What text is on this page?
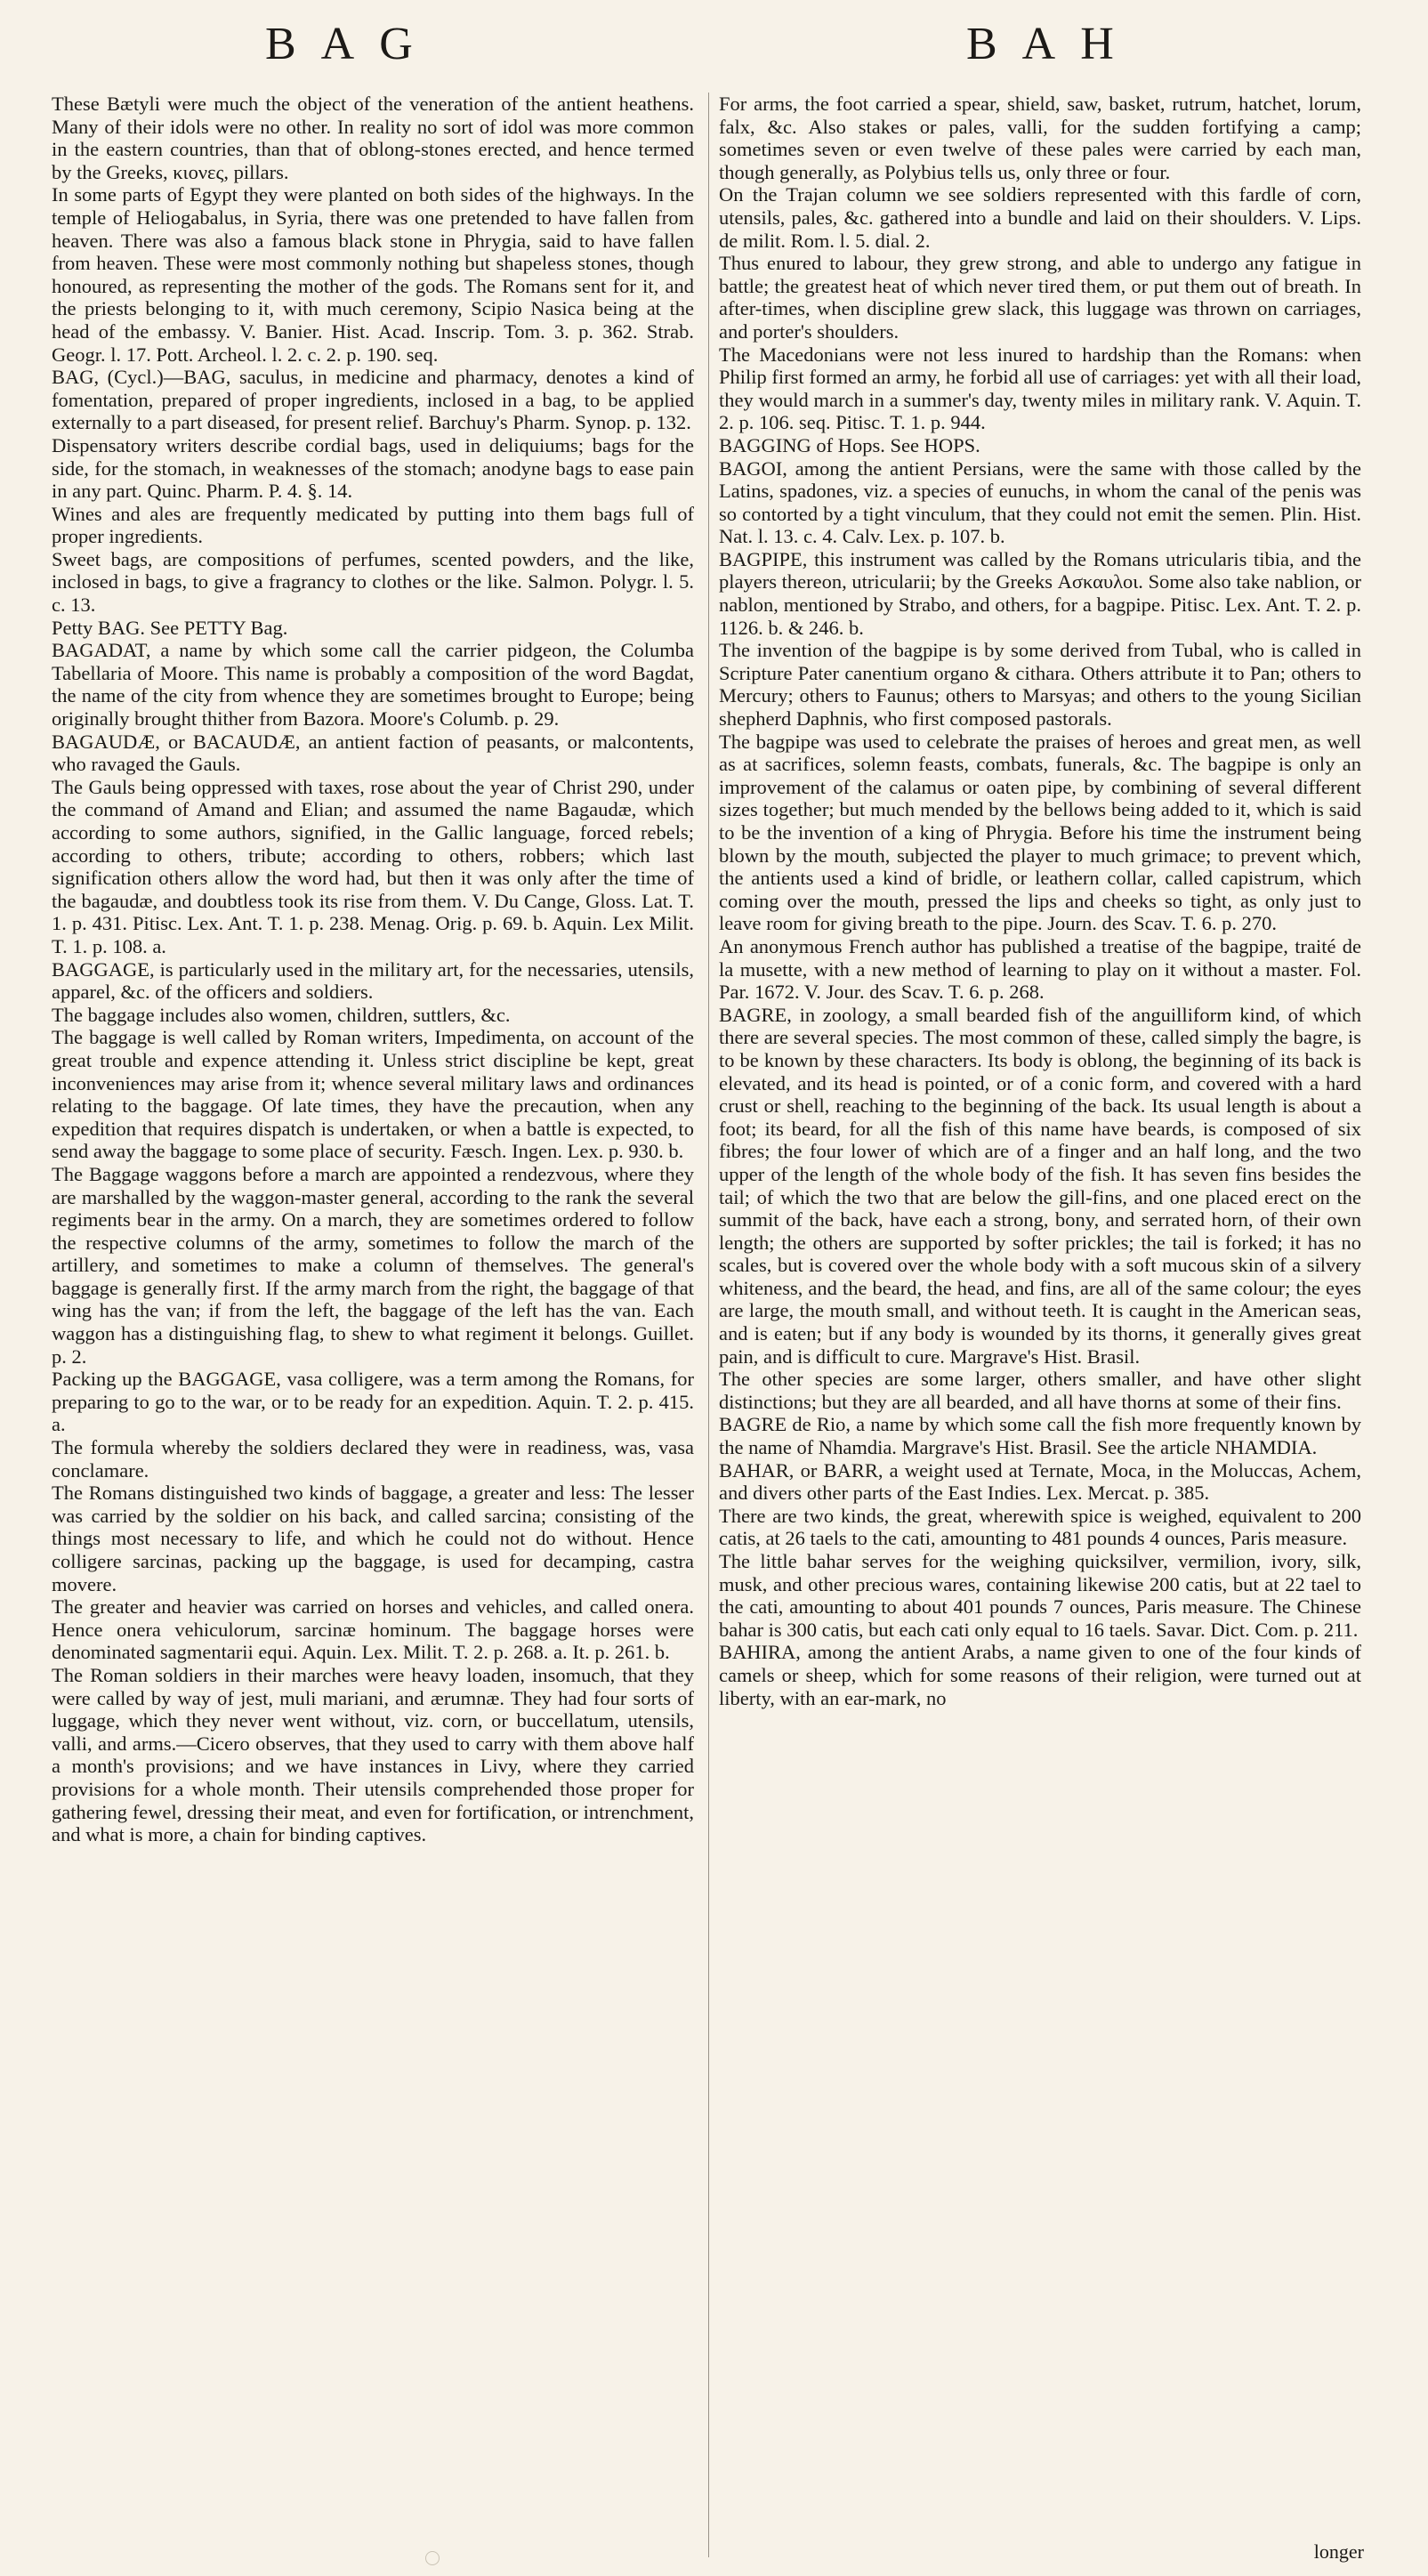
BAG	BAH

These Bætyli were much the object of the veneration of the antient heathens. Many of their idols were no other. In reality no sort of idol was more common in the eastern countries, than that of oblong-stones erected, and hence termed by the Greeks, κιονες, pillars.

In some parts of Egypt they were planted on both sides of the highways. In the temple of Heliogabalus, in Syria, there was one pretended to have fallen from heaven. There was also a famous black stone in Phrygia, said to have fallen from heaven. These were most commonly nothing but shapeless stones, though honoured, as representing the mother of the gods. The Romans sent for it, and the priests belonging to it, with much ceremony, Scipio Nasica being at the head of the embassy. V. Banier. Hist. Acad. Inscrip. Tom. 3. p. 362. Strab. Geogr. l. 17. Pott. Archeol. l. 2. c. 2. p. 190. seq.

BAG, (Cycl.)—BAG, saculus, in medicine and pharmacy, denotes a kind of fomentation, prepared of proper ingredients, inclosed in a bag, to be applied externally to a part diseased, for present relief. Barchuy's Pharm. Synop. p. 132.

Dispensatory writers describe cordial bags, used in deliquiums; bags for the side, for the stomach, in weaknesses of the stomach; anodyne bags to ease pain in any part. Quinc. Pharm. P. 4. §. 14.

Wines and ales are frequently medicated by putting into them bags full of proper ingredients.

Sweet bags, are compositions of perfumes, scented powders, and the like, inclosed in bags, to give a fragrancy to clothes or the like. Salmon. Polygr. l. 5. c. 13.

Petty BAG. See PETTY Bag.

BAGADAT, a name by which some call the carrier pidgeon, the Columba Tabellaria of Moore. This name is probably a composition of the word Bagdat, the name of the city from whence they are sometimes brought to Europe; being originally brought thither from Bazora. Moore's Columb. p. 29.

BAGAUDÆ, or BACAUDÆ, an antient faction of peasants, or malcontents, who ravaged the Gauls.

The Gauls being oppressed with taxes, rose about the year of Christ 290, under the command of Amand and Elian; and assumed the name Bagaudæ, which according to some authors, signified, in the Gallic language, forced rebels; according to others, tribute; according to others, robbers; which last signification others allow the word had, but then it was only after the time of the bagaudæ, and doubtless took its rise from them. V. Du Cange, Gloss. Lat. T. 1. p. 431. Pitisc. Lex. Ant. T. 1. p. 238. Menag. Orig. p. 69. b. Aquin. Lex Milit. T. 1. p. 108. a.

BAGGAGE, is particularly used in the military art, for the necessaries, utensils, apparel, &c. of the officers and soldiers.

The baggage includes also women, children, suttlers, &c.

The baggage is well called by Roman writers, Impedimenta, on account of the great trouble and expence attending it. Unless strict discipline be kept, great inconveniences may arise from it; whence several military laws and ordinances relating to the baggage. Of late times, they have the precaution, when any expedition that requires dispatch is undertaken, or when a battle is expected, to send away the baggage to some place of security. Fæsch. Ingen. Lex. p. 930. b.

The Baggage waggons before a march are appointed a rendezvous, where they are marshalled by the waggon-master general, according to the rank the several regiments bear in the army. On a march, they are sometimes ordered to follow the respective columns of the army, sometimes to follow the march of the artillery, and sometimes to make a column of themselves. The general's baggage is generally first. If the army march from the right, the baggage of that wing has the van; if from the left, the baggage of the left has the van. Each waggon has a distinguishing flag, to shew to what regiment it belongs. Guillet. p. 2.

Packing up the BAGGAGE, vasa colligere, was a term among the Romans, for preparing to go to the war, or to be ready for an expedition. Aquin. T. 2. p. 415. a.

The formula whereby the soldiers declared they were in readiness, was, vasa conclamare.

The Romans distinguished two kinds of baggage, a greater and less: The lesser was carried by the soldier on his back, and called sarcina; consisting of the things most necessary to life, and which he could not do without. Hence colligere sarcinas, packing up the baggage, is used for decamping, castra movere.

The greater and heavier was carried on horses and vehicles, and called onera. Hence onera vehiculorum, sarcinæ hominum. The baggage horses were denominated sagmentarii equi. Aquin. Lex. Milit. T. 2. p. 268. a. It. p. 261. b.

The Roman soldiers in their marches were heavy loaden, insomuch, that they were called by way of jest, muli mariani, and ærumnæ. They had four sorts of luggage, which they never went without, viz. corn, or buccellatum, utensils, valli, and arms.—Cicero observes, that they used to carry with them above half a month's provisions; and we have instances in Livy, where they carried provisions for a whole month. Their utensils comprehended those proper for gathering fewel, dressing their meat, and even for fortification, or intrenchment, and what is more, a chain for binding captives.

For arms, the foot carried a spear, shield, saw, basket, rutrum, hatchet, lorum, falx, &c. Also stakes or pales, valli, for the sudden fortifying a camp; sometimes seven or even twelve of these pales were carried by each man, though generally, as Polybius tells us, only three or four.

On the Trajan column we see soldiers represented with this fardle of corn, utensils, pales, &c. gathered into a bundle and laid on their shoulders. V. Lips. de milit. Rom. l. 5. dial. 2.

Thus enured to labour, they grew strong, and able to undergo any fatigue in battle; the greatest heat of which never tired them, or put them out of breath. In after-times, when discipline grew slack, this luggage was thrown on carriages, and porter's shoulders.

The Macedonians were not less inured to hardship than the Romans: when Philip first formed an army, he forbid all use of carriages: yet with all their load, they would march in a summer's day, twenty miles in military rank. V. Aquin. T. 2. p. 106. seq. Pitisc. T. 1. p. 944.

BAGGING of Hops. See HOPS.

BAGOI, among the antient Persians, were the same with those called by the Latins, spadones, viz. a species of eunuchs, in whom the canal of the penis was so contorted by a tight vinculum, that they could not emit the semen. Plin. Hist. Nat. l. 13. c. 4. Calv. Lex. p. 107. b.

BAGPIPE, this instrument was called by the Romans utricularis tibia, and the players thereon, utricularii; by the Greeks Ασκαυλοι. Some also take nablion, or nablon, mentioned by Strabo, and others, for a bagpipe. Pitisc. Lex. Ant. T. 2. p. 1126. b. & 246. b.

The invention of the bagpipe is by some derived from Tubal, who is called in Scripture Pater canentium organo & cithara. Others attribute it to Pan; others to Mercury; others to Faunus; others to Marsyas; and others to the young Sicilian shepherd Daphnis, who first composed pastorals.

The bagpipe was used to celebrate the praises of heroes and great men, as well as at sacrifices, solemn feasts, combats, funerals, &c. The bagpipe is only an improvement of the calamus or oaten pipe, by combining of several different sizes together; but much mended by the bellows being added to it, which is said to be the invention of a king of Phrygia. Before his time the instrument being blown by the mouth, subjected the player to much grimace; to prevent which, the antients used a kind of bridle, or leathern collar, called capistrum, which coming over the mouth, pressed the lips and cheeks so tight, as only just to leave room for giving breath to the pipe. Journ. des Scav. T. 6. p. 270.

An anonymous French author has published a treatise of the bagpipe, traité de la musette, with a new method of learning to play on it without a master. Fol. Par. 1672. V. Jour. des Scav. T. 6. p. 268.

BAGRE, in zoology, a small bearded fish of the anguilliform kind, of which there are several species. The most common of these, called simply the bagre, is to be known by these characters. Its body is oblong, the beginning of its back is elevated, and its head is pointed, or of a conic form, and covered with a hard crust or shell, reaching to the beginning of the back. Its usual length is about a foot; its beard, for all the fish of this name have beards, is composed of six fibres; the four lower of which are of a finger and an half long, and the two upper of the length of the whole body of the fish. It has seven fins besides the tail; of which the two that are below the gill-fins, and one placed erect on the summit of the back, have each a strong, bony, and serrated horn, of their own length; the others are supported by softer prickles; the tail is forked; it has no scales, but is covered over the whole body with a soft mucous skin of a silvery whiteness, and the beard, the head, and fins, are all of the same colour; the eyes are large, the mouth small, and without teeth. It is caught in the American seas, and is eaten; but if any body is wounded by its thorns, it generally gives great pain, and is difficult to cure. Margrave's Hist. Brasil.

The other species are some larger, others smaller, and have other slight distinctions; but they are all bearded, and all have thorns at some of their fins.

BAGRE de Rio, a name by which some call the fish more frequently known by the name of Nhamdia. Margrave's Hist. Brasil. See the article NHAMDIA.

BAHAR, or BARR, a weight used at Ternate, Moca, in the Moluccas, Achem, and divers other parts of the East Indies. Lex. Mercat. p. 385.

There are two kinds, the great, wherewith spice is weighed, equivalent to 200 catis, at 26 taels to the cati, amounting to 481 pounds 4 ounces, Paris measure.

The little bahar serves for the weighing quicksilver, vermilion, ivory, silk, musk, and other precious wares, containing likewise 200 catis, but at 22 tael to the cati, amounting to about 401 pounds 7 ounces, Paris measure. The Chinese bahar is 300 catis, but each cati only equal to 16 taels. Savar. Dict. Com. p. 211.

BAHIRA, among the antient Arabs, a name given to one of the four kinds of camels or sheep, which for some reasons of their religion, were turned out at liberty, with an ear-mark, no

longer
